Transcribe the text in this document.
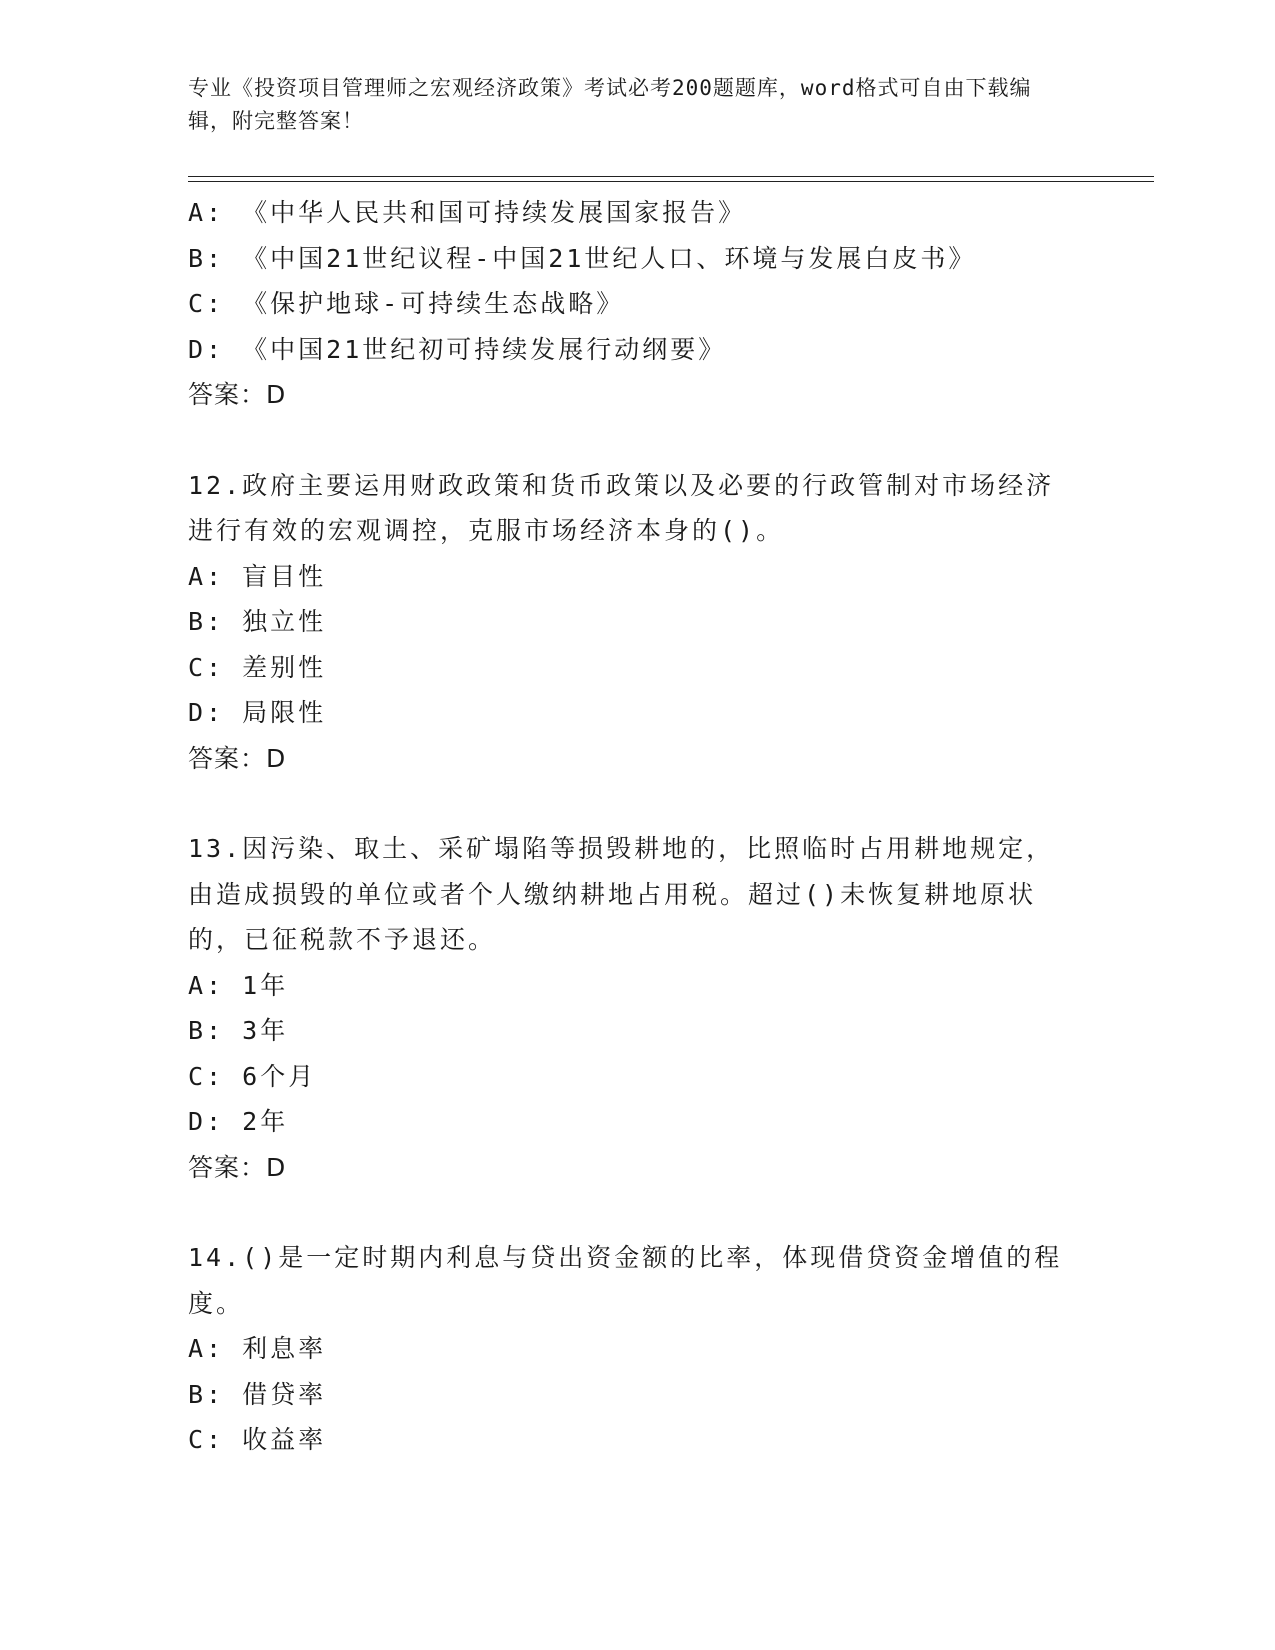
专业《投资项目管理师之宏观经济政策》考试必考200题题库，word格式可自由下载编辑，附完整答案！
A: 《中华人民共和国可持续发展国家报告》
B: 《中国21世纪议程-中国21世纪人口、环境与发展白皮书》
C: 《保护地球-可持续生态战略》
D: 《中国21世纪初可持续发展行动纲要》
答案：D
12.政府主要运用财政政策和货币政策以及必要的行政管制对市场经济
进行有效的宏观调控，克服市场经济本身的()。
A: 盲目性
B: 独立性
C: 差别性
D: 局限性
答案：D
13.因污染、取土、采矿塌陷等损毁耕地的，比照临时占用耕地规定，
由造成损毁的单位或者个人缴纳耕地占用税。超过()未恢复耕地原状
的，已征税款不予退还。
A: 1年
B: 3年
C: 6个月
D: 2年
答案：D
14.()是一定时期内利息与贷出资金额的比率，体现借贷资金增值的程
度。
A: 利息率
B: 借贷率
C: 收益率
